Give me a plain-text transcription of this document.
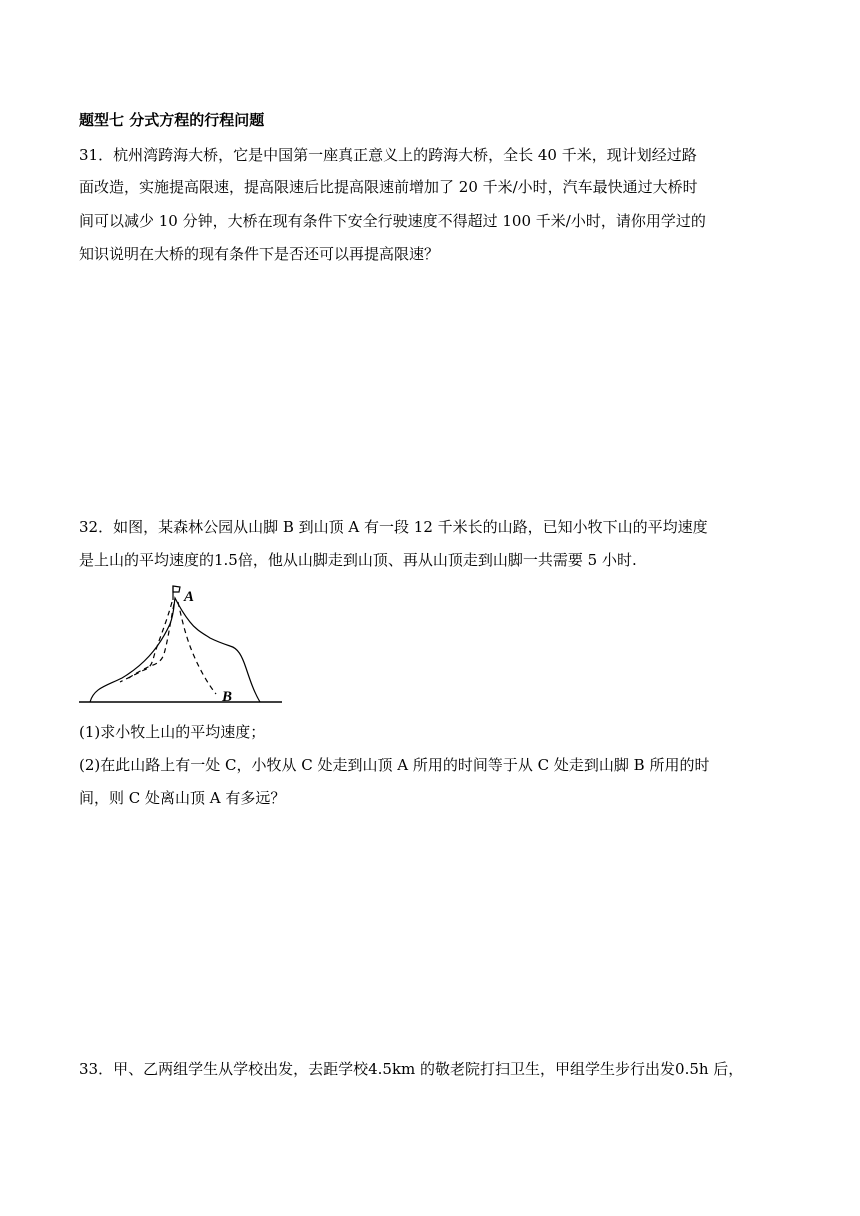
题型七 分式方程的行程问题
31．杭州湾跨海大桥，它是中国第一座真正意义上的跨海大桥，全长 40 千米，现计划经过路
面改造，实施提高限速，提高限速后比提高限速前增加了 20 千米/小时，汽车最快通过大桥时
间可以减少 10 分钟，大桥在现有条件下安全行驶速度不得超过 100 千米/小时，请你用学过的
知识说明在大桥的现有条件下是否还可以再提高限速？
32．如图，某森林公园从山脚 B 到山顶 A 有一段 12 千米长的山路，已知小牧下山的平均速度
是上山的平均速度的1.5倍，他从山脚走到山顶、再从山顶走到山脚一共需要 5 小时.
A
B
(1)求小牧上山的平均速度；
(2)在此山路上有一处 C，小牧从 C 处走到山顶 A 所用的时间等于从 C 处走到山脚 B 所用的时
间，则 C 处离山顶 A 有多远？
33．甲、乙两组学生从学校出发，去距学校4.5km 的敬老院打扫卫生，甲组学生步行出发0.5h 后，
